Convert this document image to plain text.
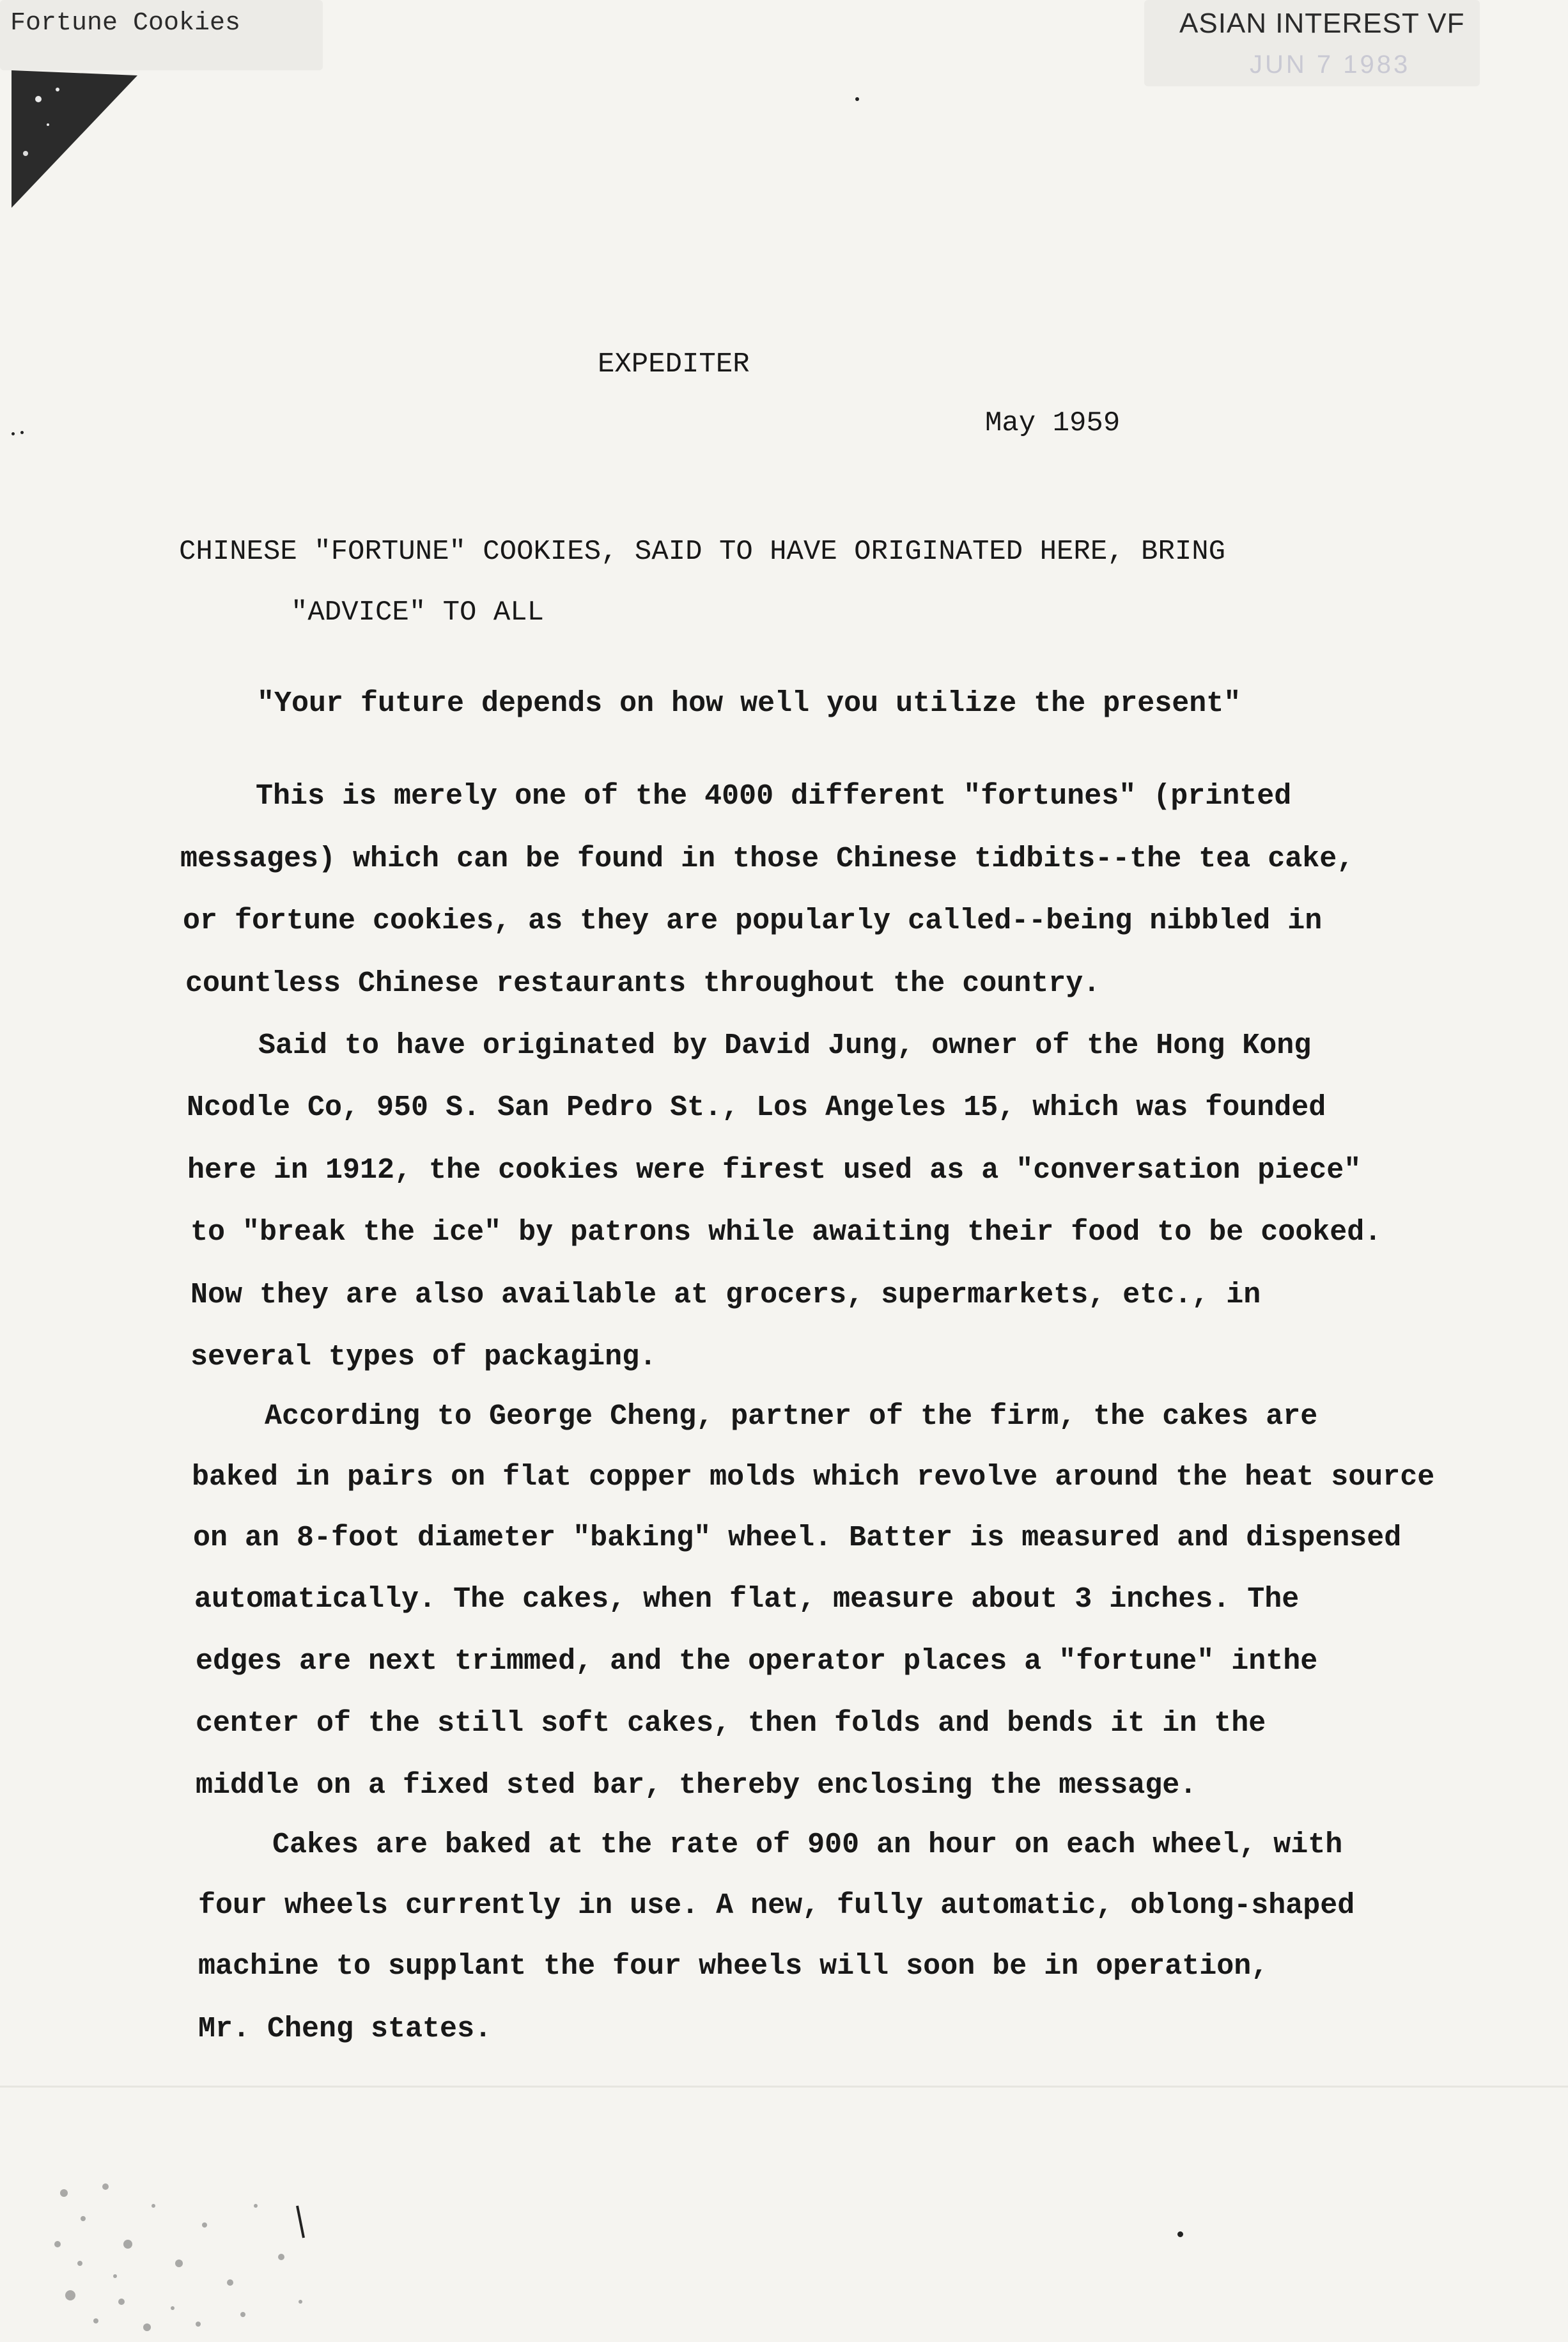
Fortune Cookies	ASIAN INTEREST VF
JUN 7 1983
EXPEDITER
May 1959
CHINESE "FORTUNE" COOKIES, SAID TO HAVE ORIGINATED HERE, BRING
"ADVICE" TO ALL
"Your future depends on how well you utilize the present"
This is merely one of the 4000 different "fortunes" (printed
messages) which can be found in those Chinese tidbits--the tea cake,
or fortune cookies, as they are popularly called--being nibbled in
countless Chinese restaurants throughout the country.
Said to have originated by David Jung, owner of the Hong Kong
Ncodle Co, 950 S. San Pedro St., Los Angeles 15, which was founded
here in 1912, the cookies were firest used as a "conversation piece"
to "break the ice" by patrons while awaiting their food to be cooked.
Now they are also available at grocers, supermarkets, etc., in
several types of packaging.
According to George Cheng, partner of the firm, the cakes are
baked in pairs on flat copper molds which revolve around the heat source
on an 8-foot diameter "baking" wheel. Batter is measured and dispensed
automatically. The cakes, when flat, measure about 3 inches. The
edges are next trimmed, and the operator places a "fortune" inthe
center of the still soft cakes, then folds and bends it in the
middle on a fixed sted bar, thereby enclosing the message.
Cakes are baked at the rate of 900 an hour on each wheel, with
four wheels currently in use. A new, fully automatic, oblong-shaped
machine to supplant the four wheels will soon be in operation,
Mr. Cheng states.
